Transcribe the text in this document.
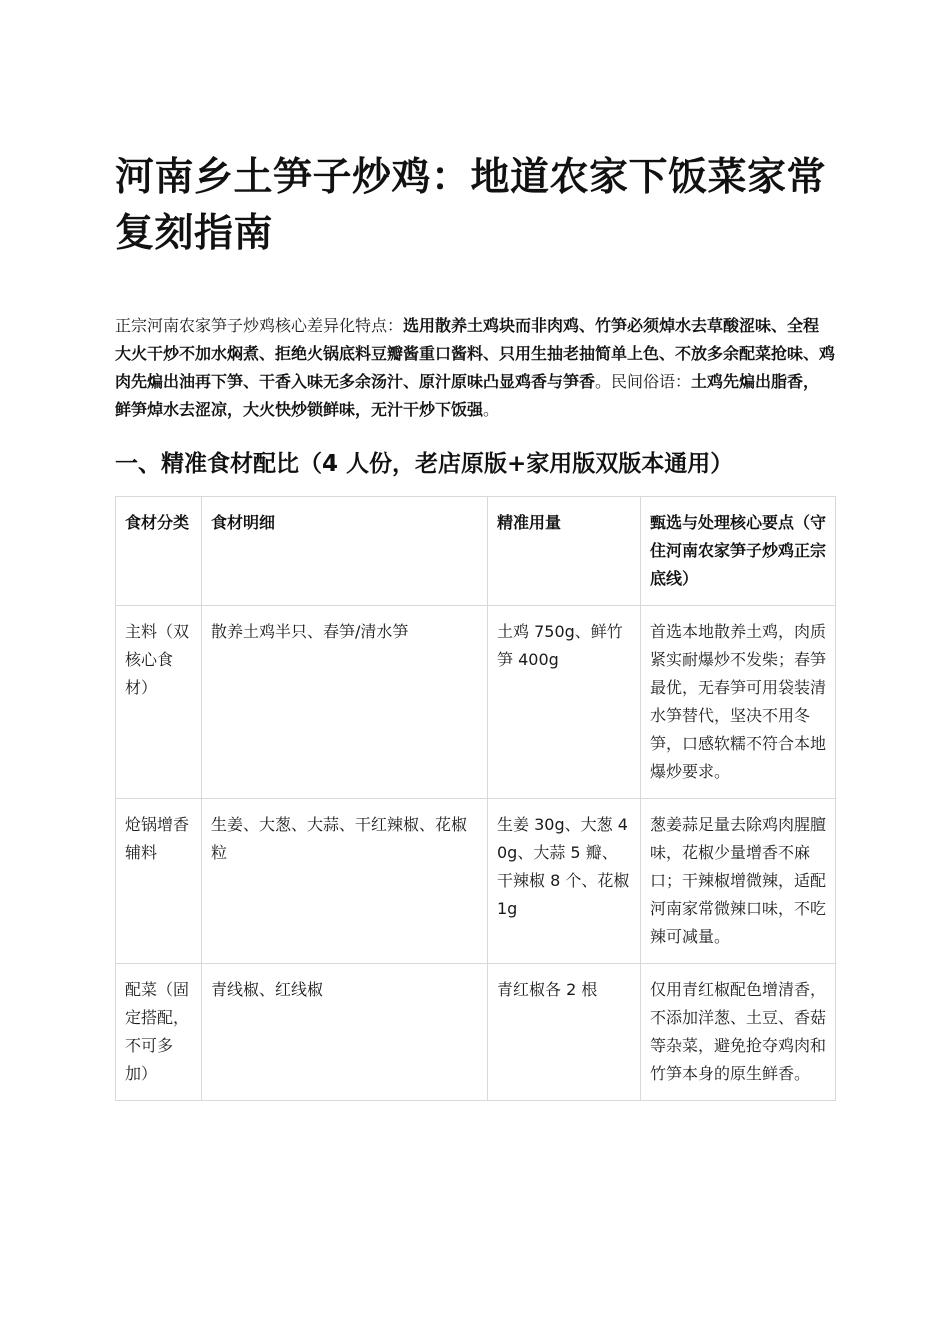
河南乡土笋子炒鸡：地道农家下饭菜家常复刻指南

正宗河南农家笋子炒鸡核心差异化特点：选用散养土鸡块而非肉鸡、竹笋必须焯水去草酸涩味、全程大火干炒不加水焖煮、拒绝火锅底料豆瓣酱重口酱料、只用生抽老抽简单上色、不放多余配菜抢味、鸡肉先煸出油再下笋、干香入味无多余汤汁、原汁原味凸显鸡香与笋香。民间俗语：土鸡先煸出脂香，鲜笋焯水去涩凉，大火快炒锁鲜味，无汁干炒下饭强。

一、精准食材配比（4 人份，老店原版+家用版双版本通用）
食材分类	食材明细	精准用量	甄选与处理核心要点（守住河南农家笋子炒鸡正宗底线）
主料（双核心食材）	散养土鸡半只、春笋/清水笋	土鸡 750g、鲜竹笋 400g	首选本地散养土鸡，肉质紧实耐爆炒不发柴；春笋最优，无春笋可用袋装清水笋替代，坚决不用冬笋，口感软糯不符合本地爆炒要求。
炝锅增香辅料	生姜、大葱、大蒜、干红辣椒、花椒粒	生姜 30g、大葱 40g、大蒜 5 瓣、干辣椒 8 个、花椒 1g	葱姜蒜足量去除鸡肉腥膻味，花椒少量增香不麻口；干辣椒增微辣，适配河南家常微辣口味，不吃辣可减量。
配菜（固定搭配，不可多加）	青线椒、红线椒	青红椒各 2 根	仅用青红椒配色增清香，不添加洋葱、土豆、香菇等杂菜，避免抢夺鸡肉和竹笋本身的原生鲜香。
